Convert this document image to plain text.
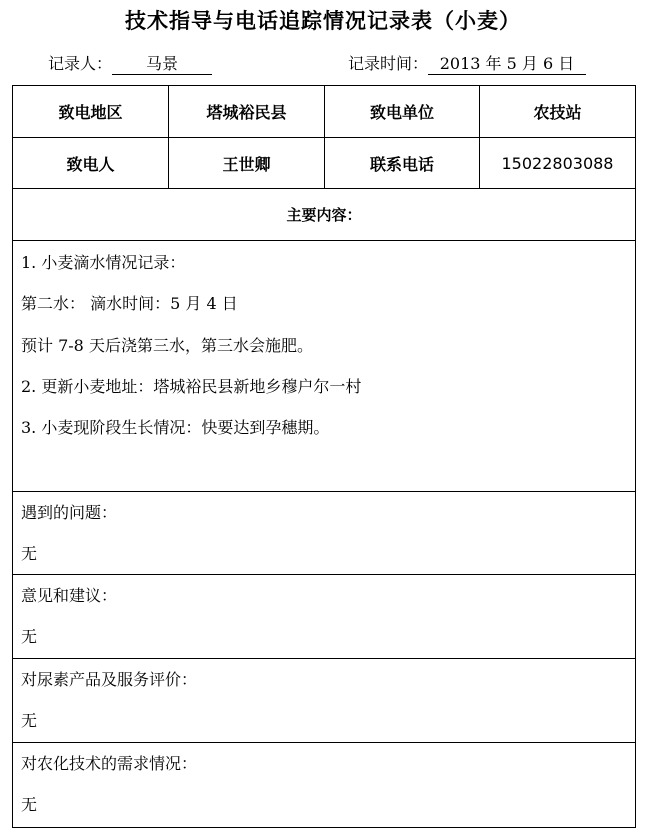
技术指导与电话追踪情况记录表（小麦）
记录人： 马景	记录时间： 2013 年 5 月 6 日
致电地区	塔城裕民县	致电单位	农技站
致电人	王世卿	联系电话	15022803088
主要内容：
1. 小麦滴水情况记录：
第二水： 滴水时间：5 月 4 日
预计 7-8 天后浇第三水，第三水会施肥。
2. 更新小麦地址：塔城裕民县新地乡穆户尔一村
3. 小麦现阶段生长情况：快要达到孕穗期。
遇到的问题：
无
意见和建议：
无
对尿素产品及服务评价：
无
对农化技术的需求情况：
无
